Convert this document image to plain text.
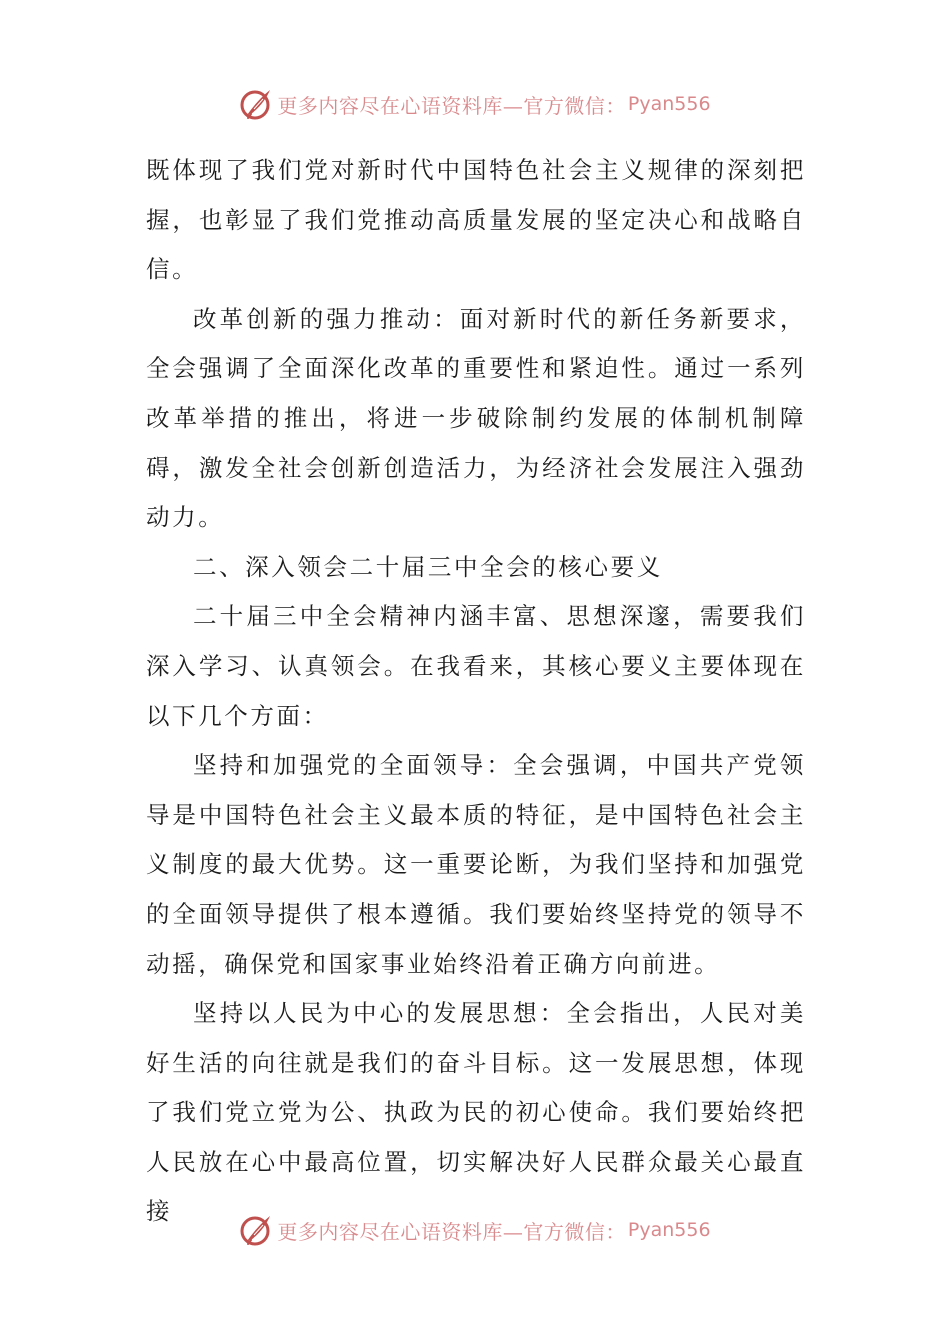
更多内容尽在心语资料库—官方微信： Pyan556

既体现了我们党对新时代中国特色社会主义规律的深刻把握，也彰显了我们党推动高质量发展的坚定决心和战略自信。

改革创新的强力推动：面对新时代的新任务新要求，全会强调了全面深化改革的重要性和紧迫性。通过一系列改革举措的推出，将进一步破除制约发展的体制机制障碍，激发全社会创新创造活力，为经济社会发展注入强劲动力。

二、深入领会二十届三中全会的核心要义

二十届三中全会精神内涵丰富、思想深邃，需要我们深入学习、认真领会。在我看来，其核心要义主要体现在以下几个方面：

坚持和加强党的全面领导：全会强调，中国共产党领导是中国特色社会主义最本质的特征，是中国特色社会主义制度的最大优势。这一重要论断，为我们坚持和加强党的全面领导提供了根本遵循。我们要始终坚持党的领导不动摇，确保党和国家事业始终沿着正确方向前进。

坚持以人民为中心的发展思想：全会指出，人民对美好生活的向往就是我们的奋斗目标。这一发展思想，体现了我们党立党为公、执政为民的初心使命。我们要始终把人民放在心中最高位置，切实解决好人民群众最关心最直接

更多内容尽在心语资料库—官方微信： Pyan556
